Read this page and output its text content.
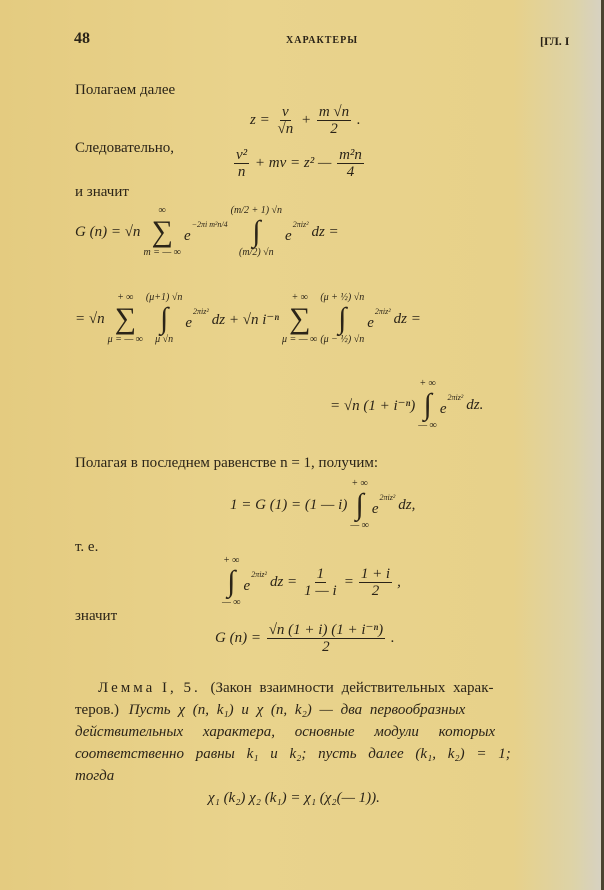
48	ХАРАКТЕРЫ	[ГЛ. I
Полагаем далее
$z = \frac{\nu}{√n} + \frac{m √n}{2}$ .
Следовательно,	$\frac{\text{ν²}}{n} + m\nu = z^2$ — $\frac{\text{m²n}}{4}$
и значит
G (n) = √n
∞
∑
m = — ∞
e
−2πi m²n/4
(m/2 + 1) √n
∫
(m/2) √n
e
2πiz² dz =
= √n
+ ∞
∑
μ = — ∞
(μ+1) √n
∫
μ √n
e
2πiz²
dz + √n i⁻ⁿ
+ ∞
∑
μ = — ∞
(μ + ½) √n
∫
(μ − ½) √n
e
2πiz² dz =
= √n (1 + i⁻ⁿ)
+ ∞
∫
— ∞
e
2πiz² dz.
Полагая в последнем равенстве n = 1, получим:
1 = G (1) = (1 — i)
+ ∞
∫
— ∞
e
2πiz² dz,
т. е.
+ ∞
∫
— ∞
e
2πiz² dz = $\frac{1}{1 — i} = \frac{1 + i}{2}$ ,
значит
G $(n) = \frac{\text{√n (1 + i) (1 + i⁻ⁿ)}}{2}$ .
Лемма I, 5. (Закон взаимности действительных харак-
теров.) Пусть χ (n, k₁) и χ (n, k₂) — два первообразных
действительных характера, основные модули которых
соответственно равны k₁ и k₂; пусть далее (k₁, k₂) = 1;
тогда
χ₁ (k₂) χ₂ (k₁) = χ₁ (χ₂(— 1)).
